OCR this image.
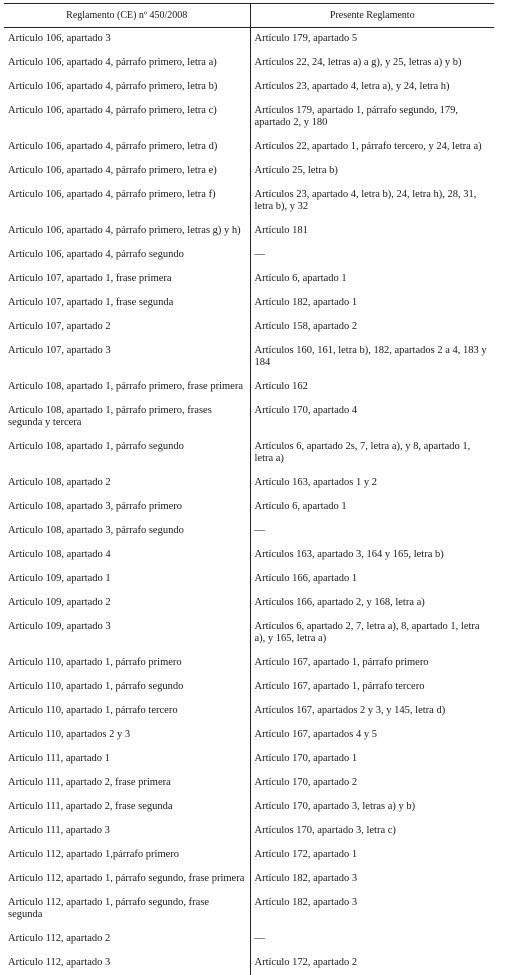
Reglamento (CE) nº 450/2008	Presente Reglamento
Artículo 106, apartado 3	Artículo 179, apartado 5
Artículo 106, apartado 4, párrafo primero, letra a)	Artículos 22, 24, letras a) a g), y 25, letras a) y b)
Artículo 106, apartado 4, párrafo primero, letra b)	Artículos 23, apartado 4, letra a), y 24, letra h)
Artículo 106, apartado 4, párrafo primero, letra c)	Artículos 179, apartado 1, párrafo segundo, 179, apartado 2, y 180
Artículo 106, apartado 4, párrafo primero, letra d)	Artículos 22, apartado 1, párrafo tercero, y 24, letra a)
Artículo 106, apartado 4, párrafo primero, letra e)	Artículo 25, letra b)
Artículo 106, apartado 4, párrafo primero, letra f)	Artículos 23, apartado 4, letra b), 24, letra h), 28, 31, letra b), y 32
Artículo 106, apartado 4, párrafo primero, letras g) y h)	Artículo 181
Artículo 106, apartado 4, párrafo segundo	—
Artículo 107, apartado 1, frase primera	Artículo 6, apartado 1
Artículo 107, apartado 1, frase segunda	Artículo 182, apartado 1
Artículo 107, apartado 2	Artículo 158, apartado 2
Artículo 107, apartado 3	Artículos 160, 161, letra b), 182, apartados 2 a 4, 183 y 184
Artículo 108, apartado 1, párrafo primero, frase primera	Artículo 162
Artículo 108, apartado 1, párrafo primero, frases segunda y tercera	Artículo 170, apartado 4
Artículo 108, apartado 1, párrafo segundo	Artículos 6, apartado 2s, 7, letra a), y 8, apartado 1, letra a)
Artículo 108, apartado 2	Artículo 163, apartados 1 y 2
Artículo 108, apartado 3, párrafo primero	Artículo 6, apartado 1
Artículo 108, apartado 3, párrafo segundo	—
Artículo 108, apartado 4	Artículos 163, apartado 3, 164 y 165, letra b)
Artículo 109, apartado 1	Artículo 166, apartado 1
Artículo 109, apartado 2	Artículos 166, apartado 2, y 168, letra a)
Artículo 109, apartado 3	Artículos 6, apartado 2, 7, letra a), 8, apartado 1, letra a), y 165, letra a)
Artículo 110, apartado 1, párrafo primero	Artículo 167, apartado 1, párrafo primero
Artículo 110, apartado 1, párrafo segundo	Artículo 167, apartado 1, párrafo tercero
Artículo 110, apartado 1, párrafo tercero	Artículos 167, apartados 2 y 3, y 145, letra d)
Artículo 110, apartados 2 y 3	Artículo 167, apartados 4 y 5
Artículo 111, apartado 1	Artículo 170, apartado 1
Artículo 111, apartado 2, frase primera	Artículo 170, apartado 2
Artículo 111, apartado 2, frase segunda	Artículo 170, apartado 3, letras a) y b)
Artículo 111, apartado 3	Artículos 170, apartado 3, letra c)
Artículo 112, apartado 1,párrafo primero	Artículo 172, apartado 1
Artículo 112, apartado 1, párrafo segundo, frase primera	Artículo 182, apartado 3
Artículo 112, apartado 1, párrafo segundo, frase segunda	Artículo 182, apartado 3
Artículo 112, apartado 2	—
Artículo 112, apartado 3	Artículo 172, apartado 2
